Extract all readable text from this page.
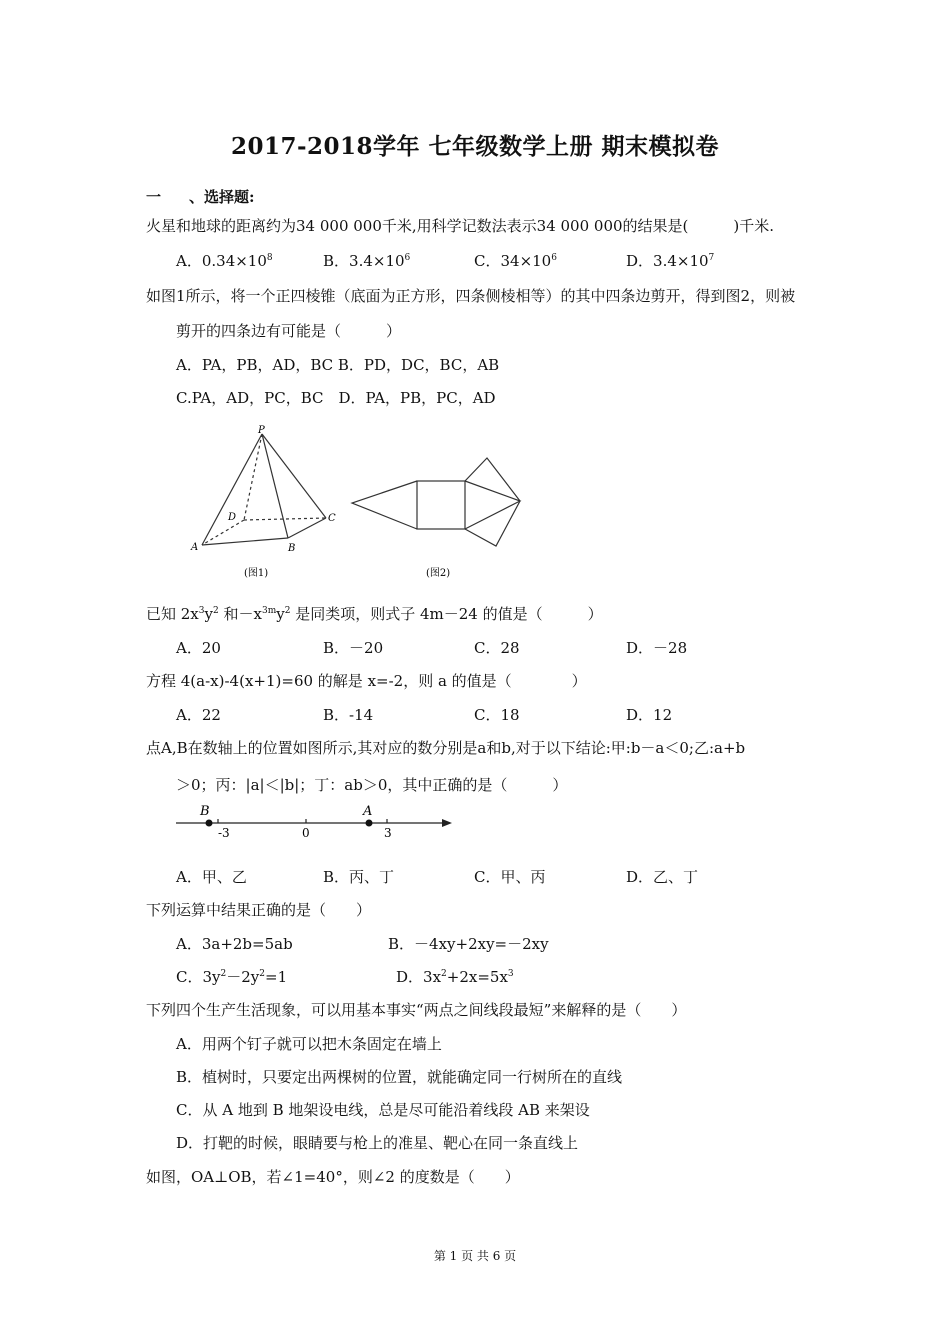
2017-2018学年 七年级数学上册 期末模拟卷
一 、选择题:
火星和地球的距离约为34 000 000千米,用科学记数法表示34 000 000的结果是(　　　)千米.
A．$0.34\times 10^8$	B．$3.4\times 10^6$	C．$34\times 10^6$	D．$3.4\times 10^7$
如图1所示，将一个正四棱锥（底面为正方形，四条侧棱相等）的其中四条边剪开，得到图2，则被
剪开的四条边有可能是（　　　）
A．PA，PB，AD，BC B．PD，DC，BC，AB
C.PA，AD，PC，BC　D．PA，PB，PC，AD
P
A	B
C
D
(图1)	(图2)
已知 $2x^3y^2$ 和$-x^{3m}y^2$ 是同类项，则式子 4m－24 的值是（　　　）
A．20	B．－20	C．28	D．－28
方程 4(a-x)-4(x+1)=60 的解是 x=-2，则 a 的值是（　　　　）
A．22	B．-14	C．18	D．12
点A,B在数轴上的位置如图所示,其对应的数分别是a和b,对于以下结论:甲:b－a＜0;乙:a+b
＞0；丙：|a|＜|b|；丁：ab＞0，其中正确的是（　　　）
B	A
-3	0	3
A．甲、乙	B．丙、丁	C．甲、丙	D．乙、丁
下列运算中结果正确的是（　　）
A．3a+2b=5ab	B．－4xy+2xy=－2xy
C．$3y^2-2y^2=1$	D．$3x^2+2x=5x^3$
下列四个生产生活现象，可以用基本事实“两点之间线段最短”来解释的是（　　）
A．用两个钉子就可以把木条固定在墙上
B．植树时，只要定出两棵树的位置，就能确定同一行树所在的直线
C．从 A 地到 B 地架设电线，总是尽可能沿着线段 AB 来架设
D．打靶的时候，眼睛要与枪上的准星、靶心在同一条直线上
如图，OA⊥OB，若∠1=40°，则∠2 的度数是（　　）
第 1 页 共 6 页
